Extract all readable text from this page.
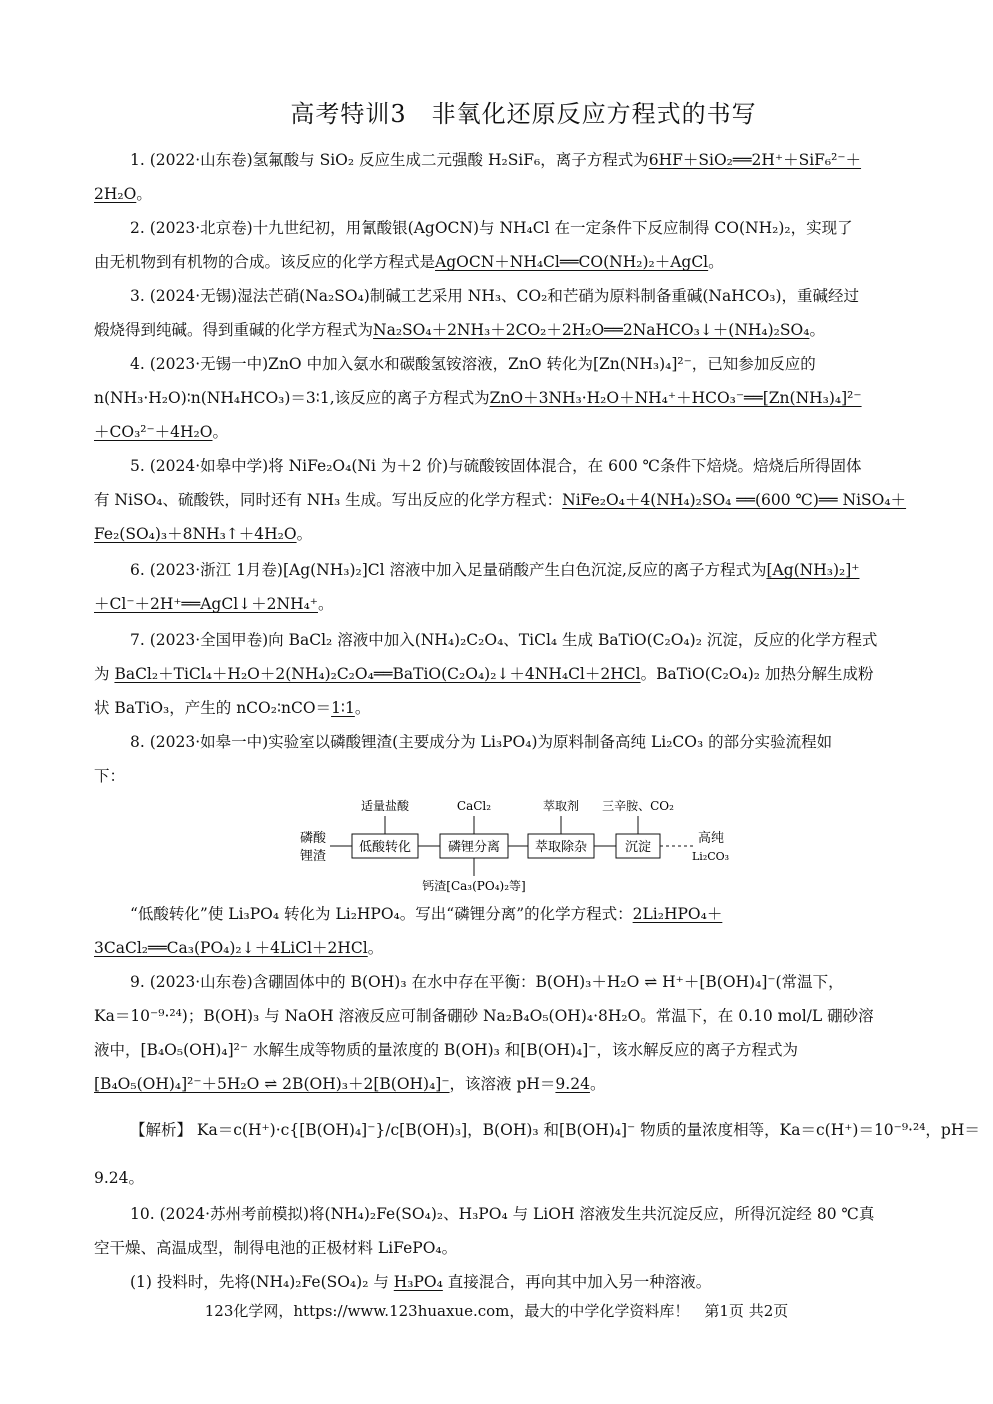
高考特训3　非氧化还原反应方程式的书写
1. (2022·山东卷)氢氟酸与 SiO₂ 反应生成二元强酸 H₂SiF₆，离子方程式为6HF＋SiO₂══2H⁺＋SiF₆²⁻＋
2H₂O。
2. (2023·北京卷)十九世纪初，用氰酸银(AgOCN)与 NH₄Cl 在一定条件下反应制得 CO(NH₂)₂，实现了
由无机物到有机物的合成。该反应的化学方程式是AgOCN＋NH₄Cl══CO(NH₂)₂＋AgCl。
3. (2024·无锡)湿法芒硝(Na₂SO₄)制碱工艺采用 NH₃、CO₂和芒硝为原料制备重碱(NaHCO₃)，重碱经过
煅烧得到纯碱。得到重碱的化学方程式为Na₂SO₄＋2NH₃＋2CO₂＋2H₂O══2NaHCO₃↓＋(NH₄)₂SO₄。
4. (2023·无锡一中)ZnO 中加入氨水和碳酸氢铵溶液，ZnO 转化为[Zn(NH₃)₄]²⁻，已知参加反应的
n(NH₃·H₂O)∶n(NH₄HCO₃)＝3∶1,该反应的离子方程式为ZnO＋3NH₃·H₂O＋NH₄⁺＋HCO₃⁻══[Zn(NH₃)₄]²⁻
＋CO₃²⁻＋4H₂O。
5. (2024·如皋中学)将 NiFe₂O₄(Ni 为＋2 价)与硫酸铵固体混合，在 600 ℃条件下焙烧。焙烧后所得固体
有 NiSO₄、硫酸铁，同时还有 NH₃ 生成。写出反应的化学方程式：NiFe₂O₄＋4(NH₄)₂SO₄ ══(600 ℃)══ NiSO₄＋
Fe₂(SO₄)₃＋8NH₃↑＋4H₂O。
6. (2023·浙江 1月卷)[Ag(NH₃)₂]Cl 溶液中加入足量硝酸产生白色沉淀,反应的离子方程式为[Ag(NH₃)₂]⁺
＋Cl⁻＋2H⁺══AgCl↓＋2NH₄⁺。
7. (2023·全国甲卷)向 BaCl₂ 溶液中加入(NH₄)₂C₂O₄、TiCl₄ 生成 BaTiO(C₂O₄)₂ 沉淀，反应的化学方程式
为 BaCl₂＋TiCl₄＋H₂O＋2(NH₄)₂C₂O₄══BaTiO(C₂O₄)₂↓＋4NH₄Cl＋2HCl。BaTiO(C₂O₄)₂ 加热分解生成粉
状 BaTiO₃，产生的 nCO₂∶nCO＝1∶1。
8. (2023·如皋一中)实验室以磷酸锂渣(主要成分为 Li₃PO₄)为原料制备高纯 Li₂CO₃ 的部分实验流程如
下：
“低酸转化”使 Li₃PO₄ 转化为 Li₂HPO₄。写出“磷锂分离”的化学方程式：2Li₂HPO₄＋
3CaCl₂══Ca₃(PO₄)₂↓＋4LiCl＋2HCl。
9. (2023·山东卷)含硼固体中的 B(OH)₃ 在水中存在平衡：B(OH)₃＋H₂O ⇌ H⁺＋[B(OH)₄]⁻(常温下，
Ka＝10⁻⁹·²⁴)；B(OH)₃ 与 NaOH 溶液反应可制备硼砂 Na₂B₄O₅(OH)₄·8H₂O。常温下，在 0.10 mol/L 硼砂溶
液中，[B₄O₅(OH)₄]²⁻ 水解生成等物质的量浓度的 B(OH)₃ 和[B(OH)₄]⁻，该水解反应的离子方程式为
[B₄O₅(OH)₄]²⁻＋5H₂O ⇌ 2B(OH)₃＋2[B(OH)₄]⁻，该溶液 pH＝9.24。
【解析】 Ka＝c(H⁺)·c{[B(OH)₄]⁻}/c[B(OH)₃]，B(OH)₃ 和[B(OH)₄]⁻ 物质的量浓度相等，Ka＝c(H⁺)＝10⁻⁹·²⁴，pH＝
9.24。
10. (2024·苏州考前模拟)将(NH₄)₂Fe(SO₄)₂、H₃PO₄ 与 LiOH 溶液发生共沉淀反应，所得沉淀经 80 ℃真
空干燥、高温成型，制得电池的正极材料 LiFePO₄。
(1) 投料时，先将(NH₄)₂Fe(SO₄)₂ 与 H₃PO₄ 直接混合，再向其中加入另一种溶液。
磷酸
锂渣
低酸转化
适量盐酸
磷锂分离
CaCl₂
萃取除杂
萃取剂
沉淀
三辛胺、CO₂
高纯
Li₂CO₃
钙渣[Ca₃(PO₄)₂等]
123化学网，https://www.123huaxue.com，最大的中学化学资料库！　第1页 共2页
